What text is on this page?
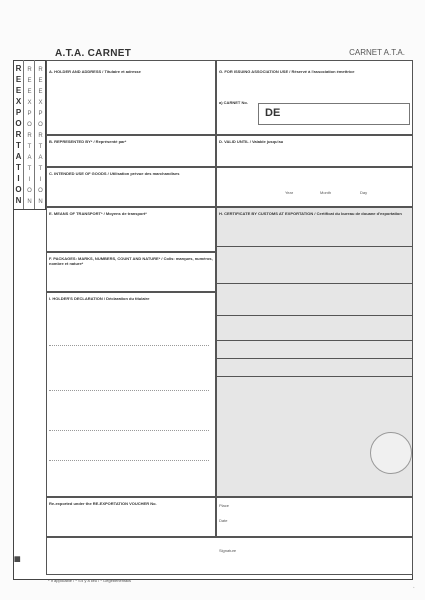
A.T.A. CARNET	CARNET A.T.A.
R
E
E
X
P
O
R
T
A
T
I
O
N
R
E
E
X
P
O
R
T
A
T
I
O
N
R
E
E
X
P
O
R
T
A
T
I
O
N
A. HOLDER AND ADDRESS / Titulaire et adresse	G. FOR ISSUING ASSOCIATION USE / Réservé à l'association émettrice
a) CARNET No.
DE
B. REPRESENTED BY* / Représenté par*	D. VALID UNTIL / Valable jusqu'au
C. INTENDED USE OF GOODS / Utilisation prévue des marchandises
Year	Month	Day
E. MEANS OF TRANSPORT* / Moyens de transport*
F. PACKAGES: MARKS, NUMBERS, COUNT AND NATURE* / Colis: marques, numéros, nombre et nature*
H. CERTIFICATE BY CUSTOMS AT EXPORTATION / Certificat du bureau de douane d'exportation
I. HOLDER'S DECLARATION / Déclaration du titulaire
Re-exported under the RE-EXPORTATION VOUCHER No.	Place
Date
Signature
* If applicable / * S'il y a lieu / * Gegebenenfalls
▦
·
